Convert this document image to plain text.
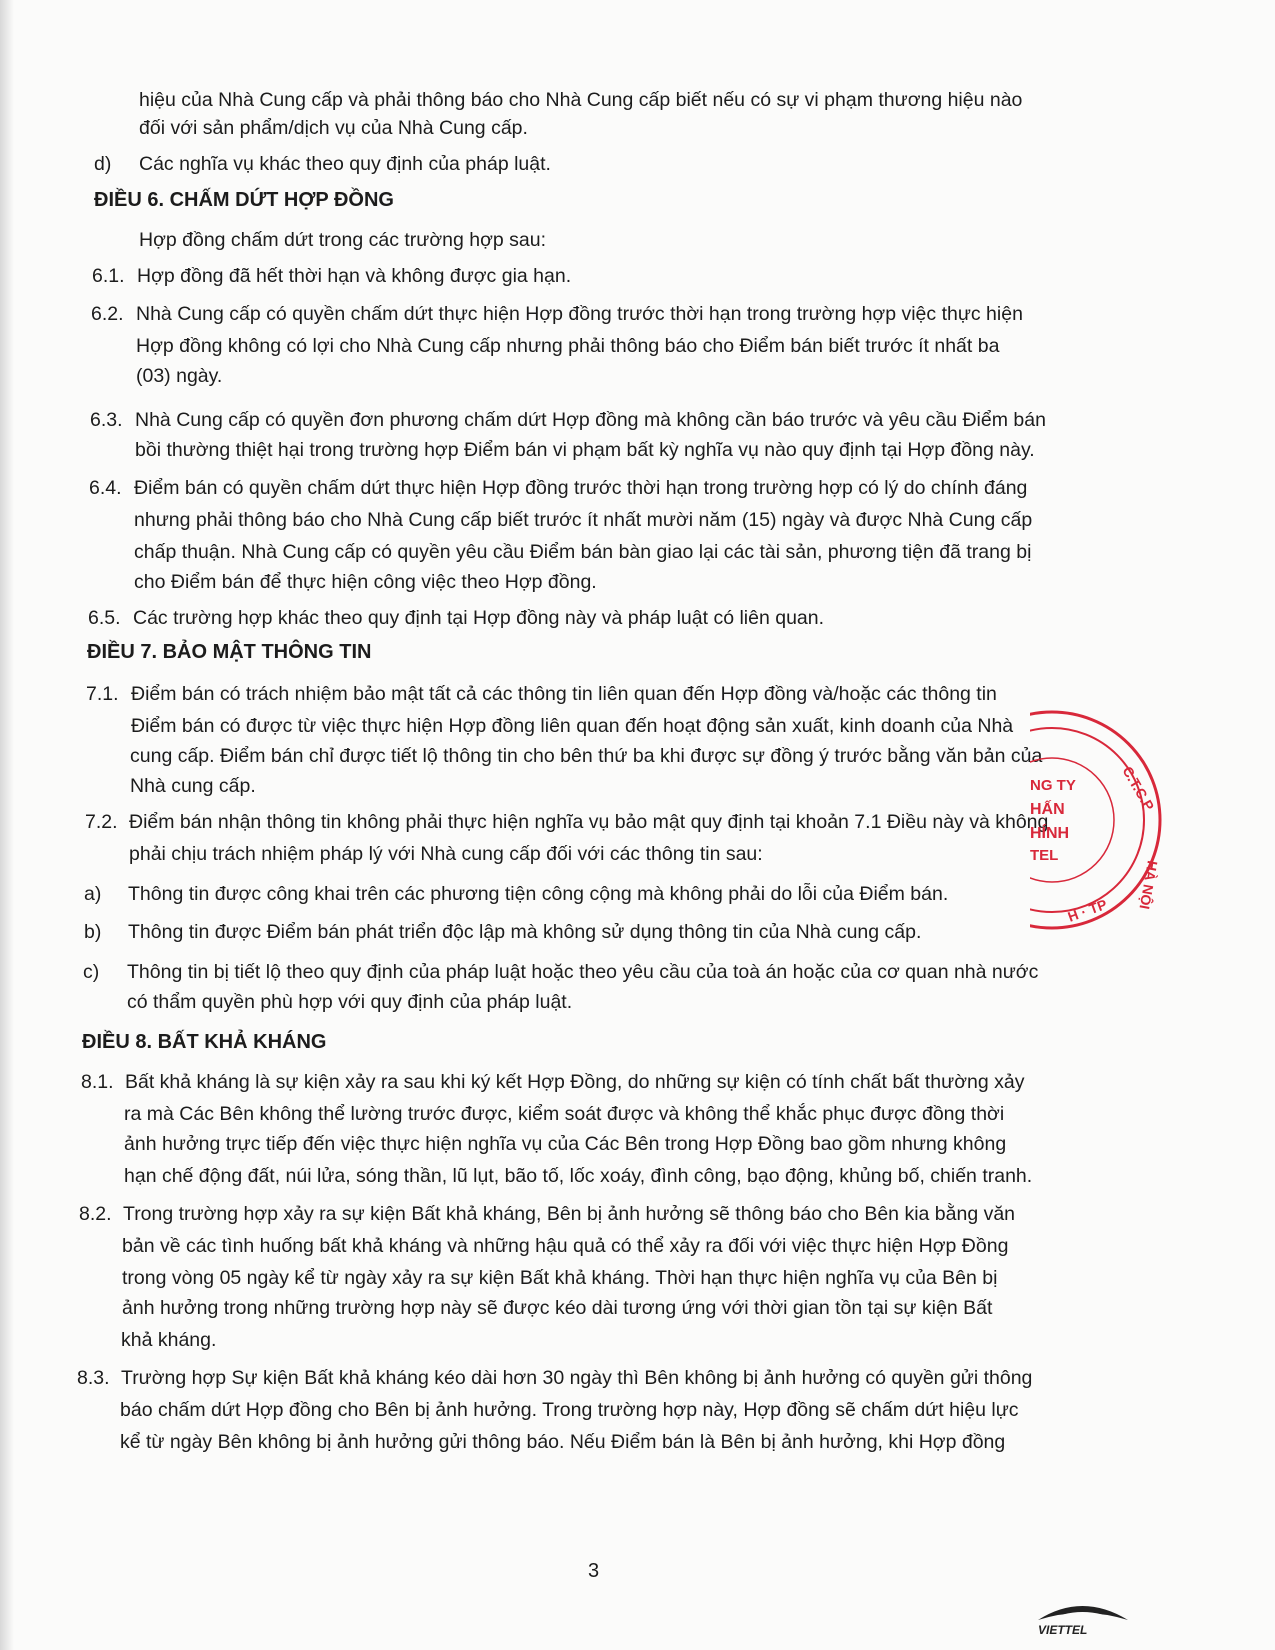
hiệu của Nhà Cung cấp và phải thông báo cho Nhà Cung cấp biết nếu có sự vi phạm thương hiệu nào
đối với sản phẩm/dịch vụ của Nhà Cung cấp.
d) Các nghĩa vụ khác theo quy định của pháp luật.
ĐIỀU 6. CHẤM DỨT HỢP ĐỒNG
Hợp đồng chấm dứt trong các trường hợp sau:
6.1. Hợp đồng đã hết thời hạn và không được gia hạn.
6.2. Nhà Cung cấp có quyền chấm dứt thực hiện Hợp đồng trước thời hạn trong trường hợp việc thực hiện
Hợp đồng không có lợi cho Nhà Cung cấp nhưng phải thông báo cho Điểm bán biết trước ít nhất ba
(03) ngày.
6.3. Nhà Cung cấp có quyền đơn phương chấm dứt Hợp đồng mà không cần báo trước và yêu cầu Điểm bán
bồi thường thiệt hại trong trường hợp Điểm bán vi phạm bất kỳ nghĩa vụ nào quy định tại Hợp đồng này.
6.4. Điểm bán có quyền chấm dứt thực hiện Hợp đồng trước thời hạn trong trường hợp có lý do chính đáng
nhưng phải thông báo cho Nhà Cung cấp biết trước ít nhất mười năm (15) ngày và được Nhà Cung cấp
chấp thuận. Nhà Cung cấp có quyền yêu cầu Điểm bán bàn giao lại các tài sản, phương tiện đã trang bị
cho Điểm bán để thực hiện công việc theo Hợp đồng.
6.5. Các trường hợp khác theo quy định tại Hợp đồng này và pháp luật có liên quan.
ĐIỀU 7. BẢO MẬT THÔNG TIN
7.1. Điểm bán có trách nhiệm bảo mật tất cả các thông tin liên quan đến Hợp đồng và/hoặc các thông tin
Điểm bán có được từ việc thực hiện Hợp đồng liên quan đến hoạt động sản xuất, kinh doanh của Nhà
cung cấp. Điểm bán chỉ được tiết lộ thông tin cho bên thứ ba khi được sự đồng ý trước bằng văn bản của
Nhà cung cấp.
7.2. Điểm bán nhận thông tin không phải thực hiện nghĩa vụ bảo mật quy định tại khoản 7.1 Điều này và không
phải chịu trách nhiệm pháp lý với Nhà cung cấp đối với các thông tin sau:
a) Thông tin được công khai trên các phương tiện công cộng mà không phải do lỗi của Điểm bán.
b) Thông tin được Điểm bán phát triển độc lập mà không sử dụng thông tin của Nhà cung cấp.
c) Thông tin bị tiết lộ theo quy định của pháp luật hoặc theo yêu cầu của toà án hoặc của cơ quan nhà nước
có thẩm quyền phù hợp với quy định của pháp luật.
ĐIỀU 8. BẤT KHẢ KHÁNG
8.1. Bất khả kháng là sự kiện xảy ra sau khi ký kết Hợp Đồng, do những sự kiện có tính chất bất thường xảy
ra mà Các Bên không thể lường trước được, kiểm soát được và không thể khắc phục được đồng thời
ảnh hưởng trực tiếp đến việc thực hiện nghĩa vụ của Các Bên trong Hợp Đồng bao gồm nhưng không
hạn chế động đất, núi lửa, sóng thần, lũ lụt, bão tố, lốc xoáy, đình công, bạo động, khủng bố, chiến tranh.
8.2. Trong trường hợp xảy ra sự kiện Bất khả kháng, Bên bị ảnh hưởng sẽ thông báo cho Bên kia bằng văn
bản về các tình huống bất khả kháng và những hậu quả có thể xảy ra đối với việc thực hiện Hợp Đồng
trong vòng 05 ngày kể từ ngày xảy ra sự kiện Bất khả kháng. Thời hạn thực hiện nghĩa vụ của Bên bị
ảnh hưởng trong những trường hợp này sẽ được kéo dài tương ứng với thời gian tồn tại sự kiện Bất
khả kháng.
8.3. Trường hợp Sự kiện Bất khả kháng kéo dài hơn 30 ngày thì Bên không bị ảnh hưởng có quyền gửi thông
báo chấm dứt Hợp đồng cho Bên bị ảnh hưởng. Trong trường hợp này, Hợp đồng sẽ chấm dứt hiệu lực
kể từ ngày Bên không bị ảnh hưởng gửi thông báo. Nếu Điểm bán là Bên bị ảnh hưởng, khi Hợp đồng
3
NG TY
HẤN
HÍNH
TEL
C.T.C.P
HÀ NỘI
H · TP
VIETTEL
